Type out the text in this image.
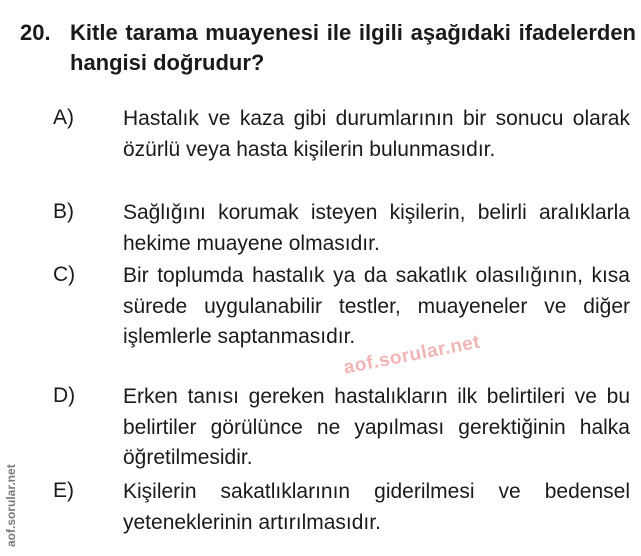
20. Kitle tarama muayenesi ile ilgili aşağıdaki ifadelerden hangisi doğrudur?
A) Hastalık ve kaza gibi durumlarının bir sonucu olarak özürlü veya hasta kişilerin bulunmasıdır.
B) Sağlığını korumak isteyen kişilerin, belirli aralıklarla hekime muayene olmasıdır.
C) Bir toplumda hastalık ya da sakatlık olasılığının, kısa sürede uygulanabilir testler, muayeneler ve diğer işlemlerle saptanmasıdır.
D) Erken tanısı gereken hastalıkların ilk belirtileri ve bu belirtiler görülünce ne yapılması gerektiğinin halka öğretilmesidir.
E) Kişilerin sakatlıklarının giderilmesi ve bedensel yeteneklerinin artırılmasıdır.
aof.sorular.net
aof.sorular.net
